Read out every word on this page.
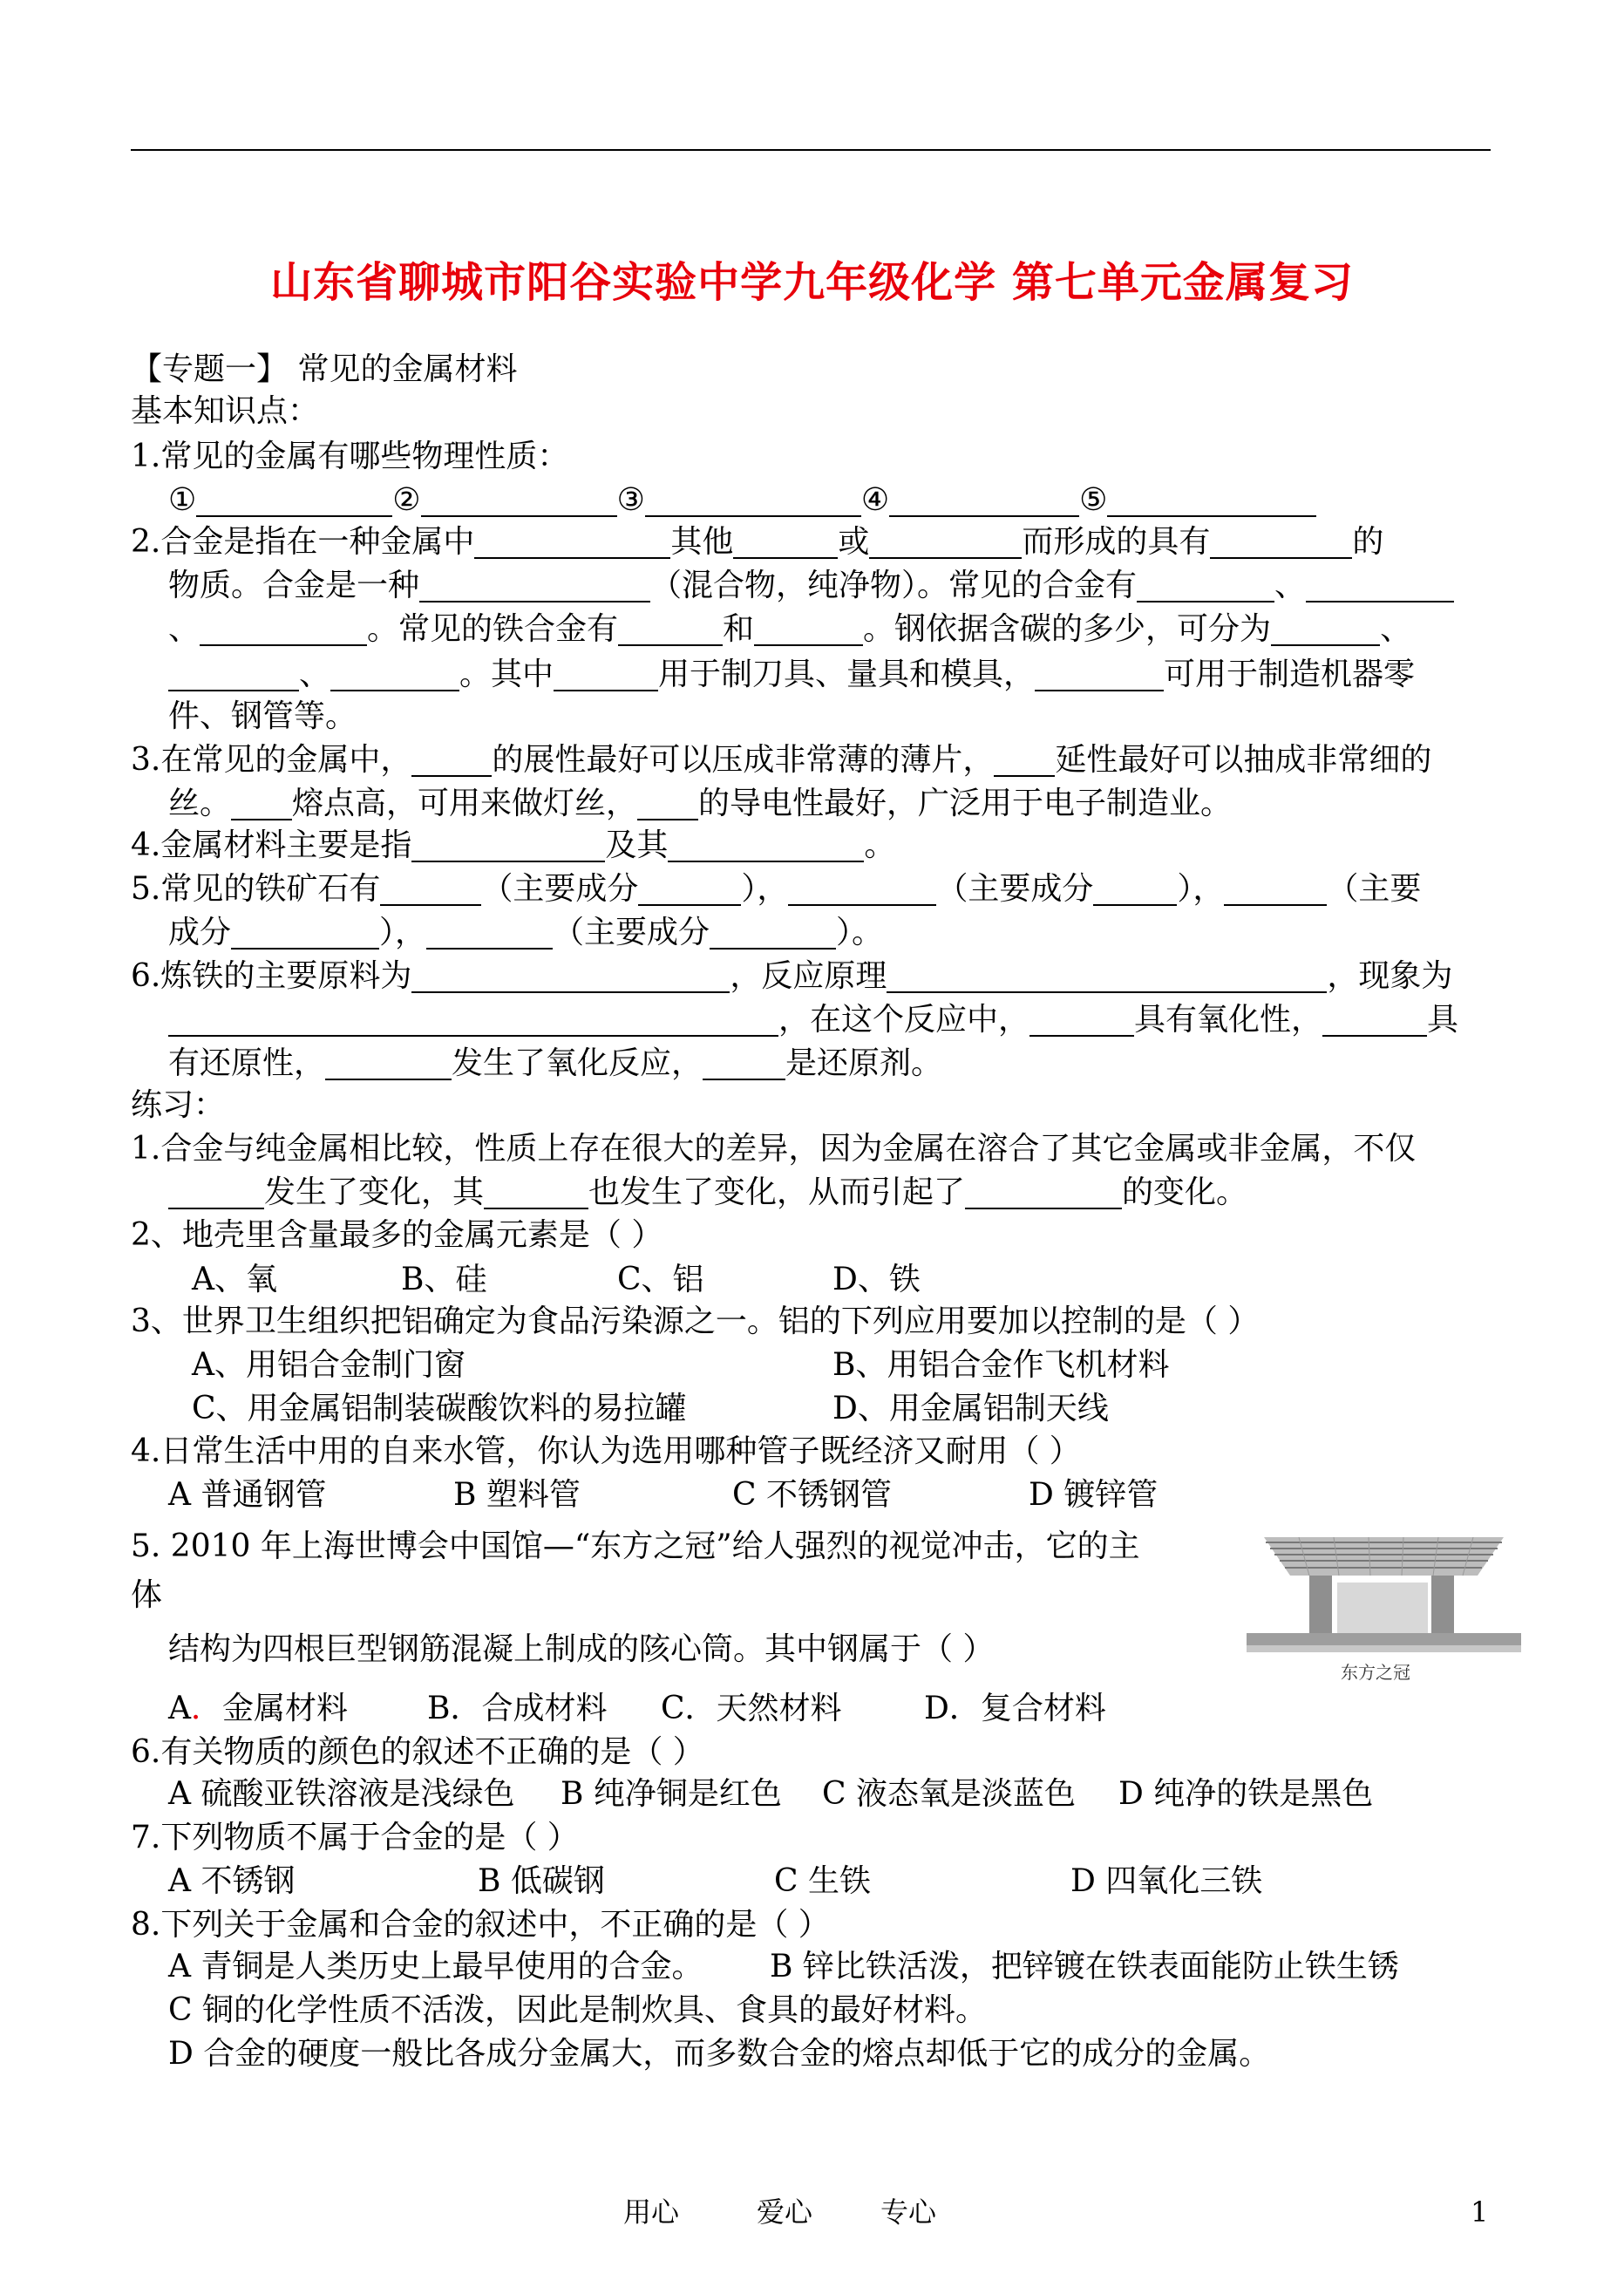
山东省聊城市阳谷实验中学九年级化学 第七单元金属复习
【专题一】 常见的金属材料
基本知识点：
1.常见的金属有哪些物理性质：
①	②	③	④	⑤
2.合金是指在一种金属中	其他	或	而形成的具有	的
物质。合金是一种	（混合物，纯净物）。常见的合金有	、
、	。常见的铁合金有	和	。钢依据含碳的多少，可分为	、
、	。其中	用于制刀具、量具和模具，	可用于制造机器零
件、钢管等。
3.在常见的金属中，	的展性最好可以压成非常薄的薄片， 延性最好可以抽成非常细的
丝。 熔点高，可用来做灯丝， 的导电性最好，广泛用于电子制造业。
4.金属材料主要是指	及其	。
5.常见的铁矿石有	（主要成分	），	（主要成分	），	（主要
成分	），	（主要成分	）。
6.炼铁的主要原料为	，反应原理	，现象为
，在这个反应中，	具有氧化性，	具
有还原性，	发生了氧化反应，	是还原剂。
练习：
1.合金与纯金属相比较，性质上存在很大的差异，因为金属在溶合了其它金属或非金属，不仅
发生了变化，其	也发生了变化，从而引起了	的变化。
2、地壳里含量最多的金属元素是（ ）
A、氧	B、硅	C、铝	D、铁
3、世界卫生组织把铝确定为食品污染源之一。铝的下列应用要加以控制的是（ ）
A、用铝合金制门窗	B、用铝合金作飞机材料
C、用金属铝制装碳酸饮料的易拉罐	D、用金属铝制天线
4.日常生活中用的自来水管，你认为选用哪种管子既经济又耐用（ ）
A 普通钢管	B 塑料管	C 不锈钢管	D 镀锌管
5. 2010 年上海世博会中国馆—“东方之冠”给人强烈的视觉冲击，它的主
体
结构为四根巨型钢筋混凝上制成的陔心筒。其中钢属于（ ）
东方之冠
A．金属材料	B．合成材料 C．天然材料	D．复合材料
6.有关物质的颜色的叙述不正确的是（ ）
A 硫酸亚铁溶液是浅绿色 B 纯净铜是红色 C 液态氧是淡蓝色 D 纯净的铁是黑色
7.下列物质不属于合金的是（ ）
A 不锈钢	B 低碳钢	C 生铁	D 四氧化三铁
8.下列关于金属和合金的叙述中，不正确的是（ ）
A 青铜是人类历史上最早使用的合金。 B 锌比铁活泼，把锌镀在铁表面能防止铁生锈
C 铜的化学性质不活泼，因此是制炊具、食具的最好材料。
D 合金的硬度一般比各成分金属大，而多数合金的熔点却低于它的成分的金属。
用心	爱心 专心	1
